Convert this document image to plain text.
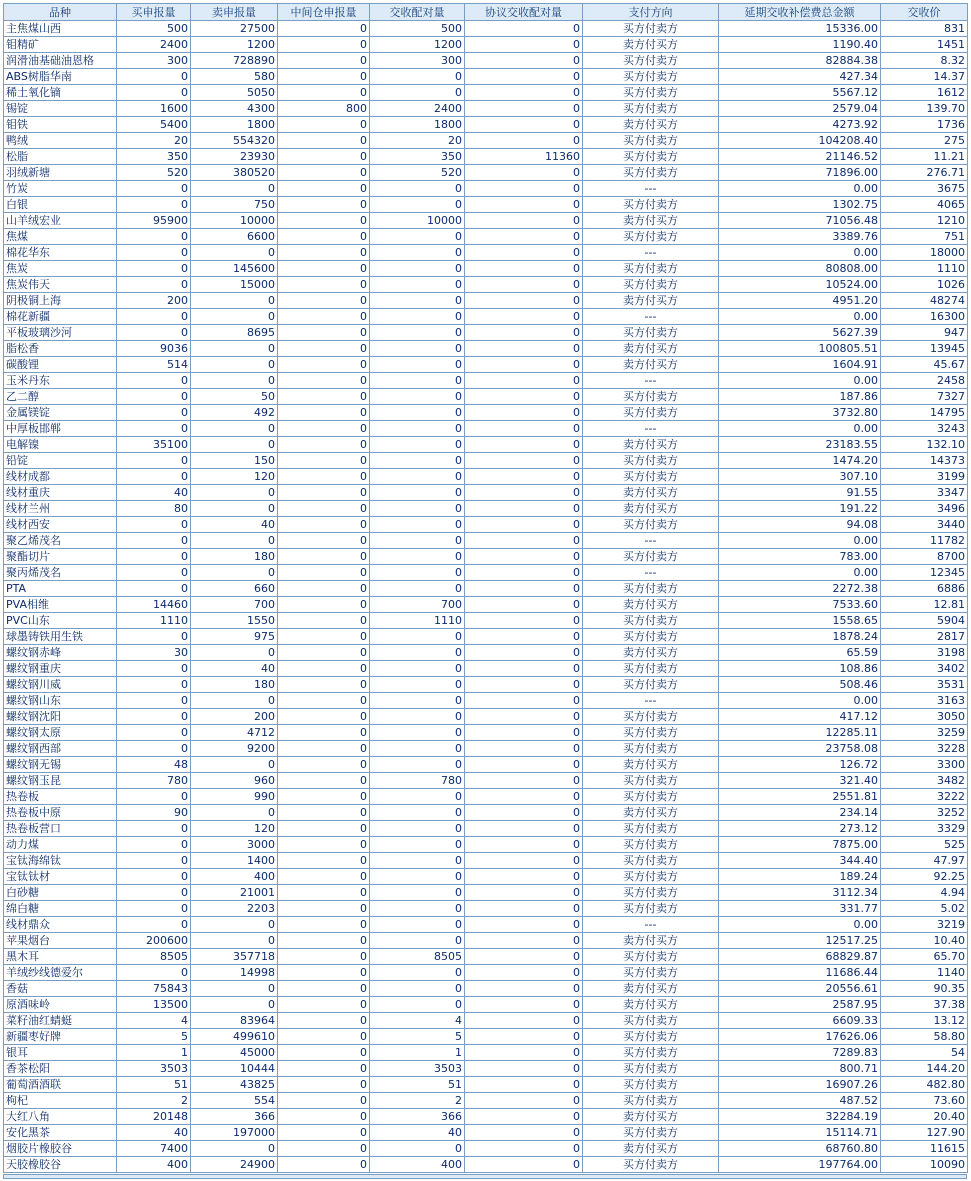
品种	买申报量	卖申报量	中间仓申报量	交收配对量	协议交收配对量	支付方向	延期交收补偿费总金额	交收价
主焦煤山西	500	27500	0	500	0	买方付卖方	15336.00	831
钼精矿	2400	1200	0	1200	0	卖方付买方	1190.40	1451
润滑油基础油恩格	300	728890	0	300	0	买方付卖方	82884.38	8.32
ABS树脂华南	0	580	0	0	0	买方付卖方	427.34	14.37
稀土氧化镝	0	5050	0	0	0	买方付卖方	5567.12	1612
锡锭	1600	4300	800	2400	0	买方付卖方	2579.04	139.70
钼铁	5400	1800	0	1800	0	卖方付买方	4273.92	1736
鸭绒	20	554320	0	20	0	买方付卖方	104208.40	275
松脂	350	23930	0	350	11360	买方付卖方	21146.52	11.21
羽绒新塘	520	380520	0	520	0	买方付卖方	71896.00	276.71
竹炭	0	0	0	0	0	---	0.00	3675
白银	0	750	0	0	0	买方付卖方	1302.75	4065
山羊绒宏业	95900	10000	0	10000	0	卖方付买方	71056.48	1210
焦煤	0	6600	0	0	0	买方付卖方	3389.76	751
棉花华东	0	0	0	0	0	---	0.00	18000
焦炭	0	145600	0	0	0	买方付卖方	80808.00	1110
焦炭伟天	0	15000	0	0	0	买方付卖方	10524.00	1026
阴极铜上海	200	0	0	0	0	卖方付买方	4951.20	48274
棉花新疆	0	0	0	0	0	---	0.00	16300
平板玻璃沙河	0	8695	0	0	0	买方付卖方	5627.39	947
脂松香	9036	0	0	0	0	卖方付买方	100805.51	13945
碳酸锂	514	0	0	0	0	卖方付买方	1604.91	45.67
玉米丹东	0	0	0	0	0	---	0.00	2458
乙二醇	0	50	0	0	0	买方付卖方	187.86	7327
金属镁锭	0	492	0	0	0	买方付卖方	3732.80	14795
中厚板邯郸	0	0	0	0	0	---	0.00	3243
电解镍	35100	0	0	0	0	卖方付买方	23183.55	132.10
铅锭	0	150	0	0	0	买方付卖方	1474.20	14373
线材成都	0	120	0	0	0	买方付卖方	307.10	3199
线材重庆	40	0	0	0	0	卖方付买方	91.55	3347
线材兰州	80	0	0	0	0	卖方付买方	191.22	3496
线材西安	0	40	0	0	0	买方付卖方	94.08	3440
聚乙烯茂名	0	0	0	0	0	---	0.00	11782
聚酯切片	0	180	0	0	0	买方付卖方	783.00	8700
聚丙烯茂名	0	0	0	0	0	---	0.00	12345
PTA	0	660	0	0	0	买方付卖方	2272.38	6886
PVA相维	14460	700	0	700	0	卖方付买方	7533.60	12.81
PVC山东	1110	1550	0	1110	0	买方付卖方	1558.65	5904
球墨铸铁用生铁	0	975	0	0	0	买方付卖方	1878.24	2817
螺纹钢赤峰	30	0	0	0	0	卖方付买方	65.59	3198
螺纹钢重庆	0	40	0	0	0	买方付卖方	108.86	3402
螺纹钢川威	0	180	0	0	0	买方付卖方	508.46	3531
螺纹钢山东	0	0	0	0	0	---	0.00	3163
螺纹钢沈阳	0	200	0	0	0	买方付卖方	417.12	3050
螺纹钢太原	0	4712	0	0	0	买方付卖方	12285.11	3259
螺纹钢西部	0	9200	0	0	0	买方付卖方	23758.08	3228
螺纹钢无锡	48	0	0	0	0	卖方付买方	126.72	3300
螺纹钢玉昆	780	960	0	780	0	买方付卖方	321.40	3482
热卷板	0	990	0	0	0	买方付卖方	2551.81	3222
热卷板中原	90	0	0	0	0	卖方付买方	234.14	3252
热卷板营口	0	120	0	0	0	买方付卖方	273.12	3329
动力煤	0	3000	0	0	0	买方付卖方	7875.00	525
宝钛海绵钛	0	1400	0	0	0	买方付卖方	344.40	47.97
宝钛钛材	0	400	0	0	0	买方付卖方	189.24	92.25
白砂糖	0	21001	0	0	0	买方付卖方	3112.34	4.94
绵白糖	0	2203	0	0	0	买方付卖方	331.77	5.02
线材鼎众	0	0	0	0	0	---	0.00	3219
苹果烟台	200600	0	0	0	0	卖方付买方	12517.25	10.40
黑木耳	8505	357718	0	8505	0	买方付卖方	68829.87	65.70
羊绒纱线德爱尔	0	14998	0	0	0	买方付卖方	11686.44	1140
香菇	75843	0	0	0	0	卖方付买方	20556.61	90.35
原酒味岭	13500	0	0	0	0	卖方付买方	2587.95	37.38
菜籽油红蜻蜓	4	83964	0	4	0	买方付卖方	6609.33	13.12
新疆枣好牌	5	499610	0	5	0	买方付卖方	17626.06	58.80
银耳	1	45000	0	1	0	买方付卖方	7289.83	54
香茶松阳	3503	10444	0	3503	0	买方付卖方	800.71	144.20
葡萄酒酒联	51	43825	0	51	0	买方付卖方	16907.26	482.80
枸杞	2	554	0	2	0	买方付卖方	487.52	73.60
大红八角	20148	366	0	366	0	卖方付买方	32284.19	20.40
安化黑茶	40	197000	0	40	0	买方付卖方	15114.71	127.90
烟胶片橡胶谷	7400	0	0	0	0	卖方付买方	68760.80	11615
天胶橡胶谷	400	24900	0	400	0	买方付卖方	197764.00	10090
